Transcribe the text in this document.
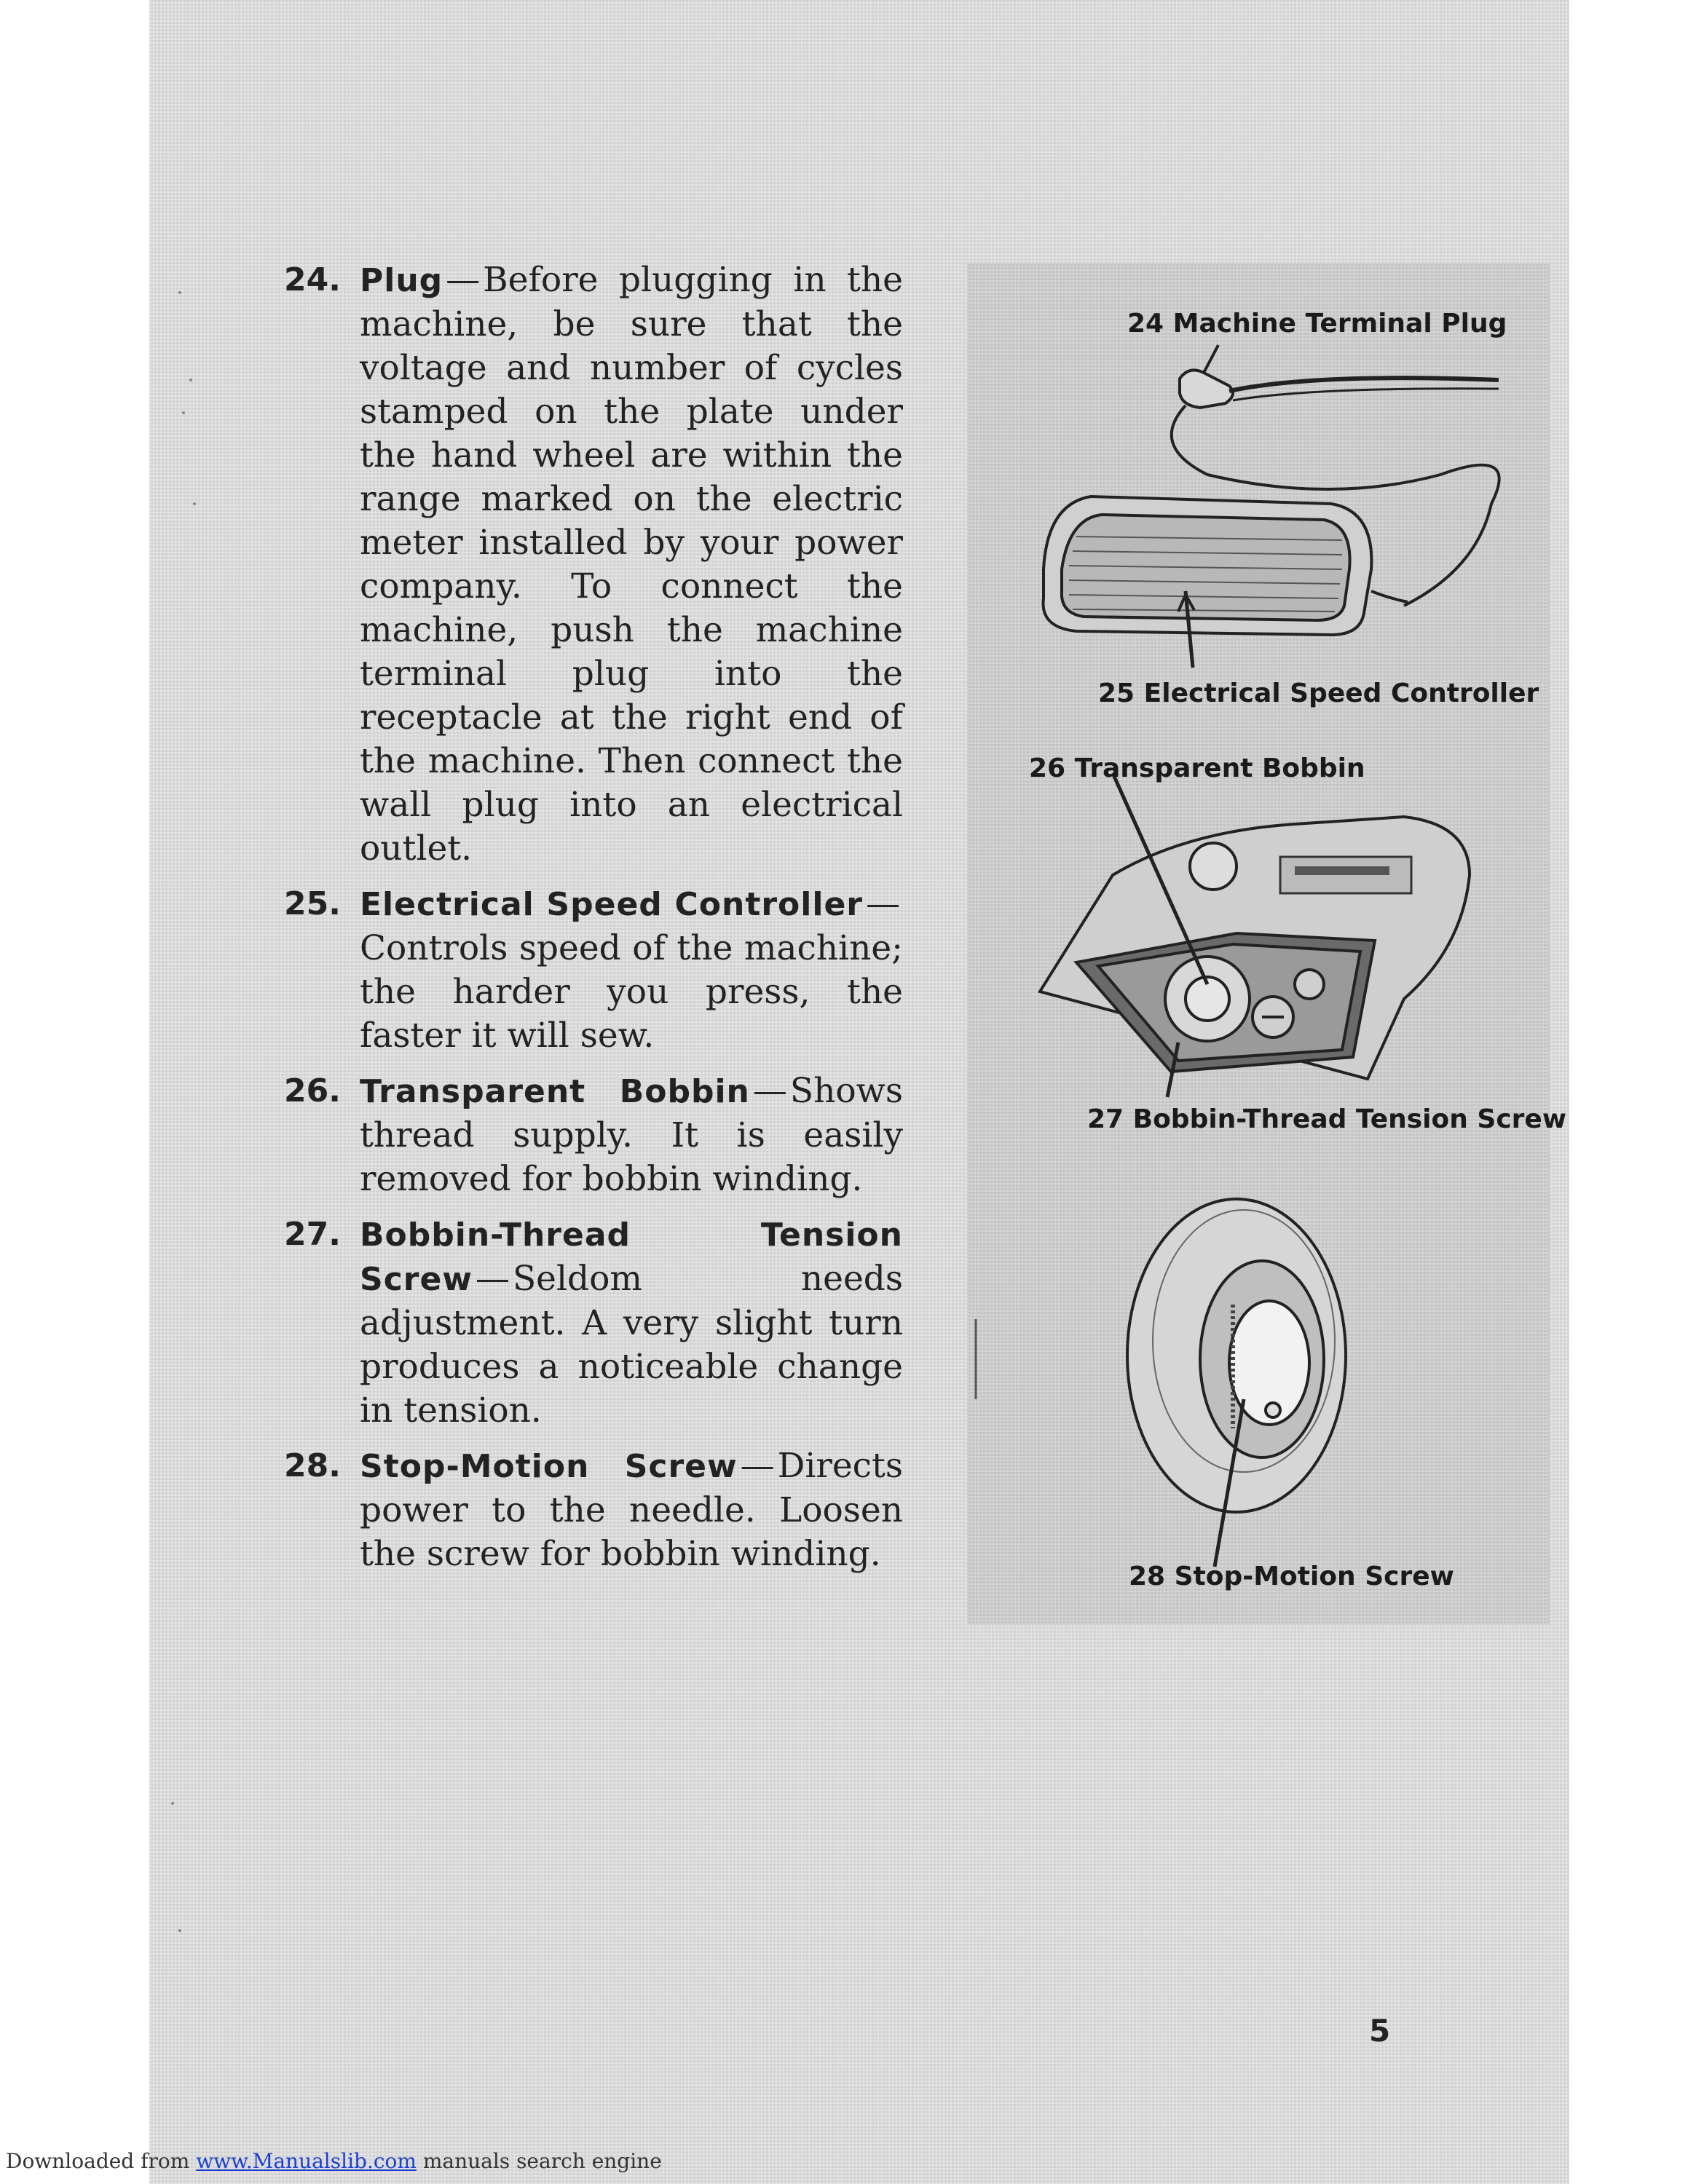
24. Plug—Before plugging in the machine, be sure that the voltage and number of cycles stamped on the plate under the hand wheel are within the range marked on the electric meter installed by your power company. To connect the machine, push the machine terminal plug into the receptacle at the right end of the machine. Then connect the wall plug into an electrical outlet.
25. Electrical Speed Controller—Controls speed of the machine; the harder you press, the faster it will sew.
26. Transparent Bobbin—Shows thread supply. It is easily removed for bobbin winding.
27. Bobbin-Thread Tension Screw—Seldom needs adjustment. A very slight turn produces a noticeable change in tension.
28. Stop-Motion Screw—Directs power to the needle. Loosen the screw for bobbin winding.
24 Machine Terminal Plug
25 Electrical Speed Controller
26 Transparent Bobbin
27 Bobbin-Thread Tension Screw
28 Stop-Motion Screw
5
Downloaded from www.Manualslib.com manuals search engine
